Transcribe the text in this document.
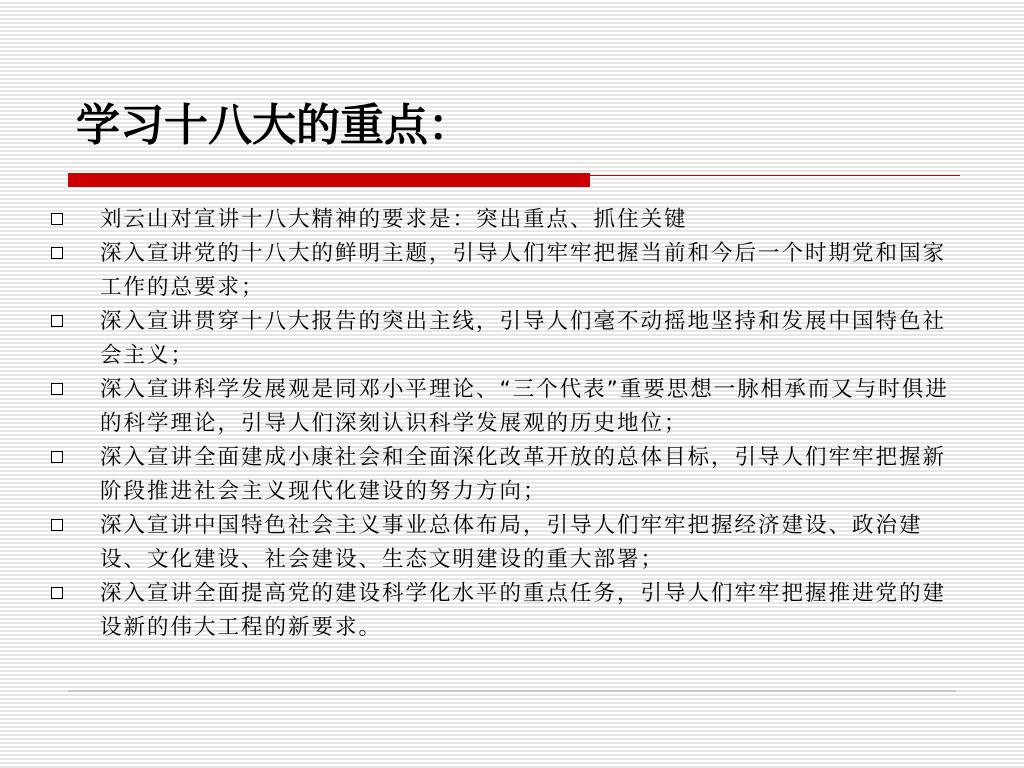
学习十八大的重点：
刘云山对宣讲十八大精神的要求是：突出重点、抓住关键
深入宣讲党的十八大的鲜明主题，引导人们牢牢把握当前和今后一个时期党和国家工作的总要求；
深入宣讲贯穿十八大报告的突出主线，引导人们毫不动摇地坚持和发展中国特色社会主义；
深入宣讲科学发展观是同邓小平理论、“三个代表”重要思想一脉相承而又与时俱进的科学理论，引导人们深刻认识科学发展观的历史地位；
深入宣讲全面建成小康社会和全面深化改革开放的总体目标，引导人们牢牢把握新阶段推进社会主义现代化建设的努力方向；
深入宣讲中国特色社会主义事业总体布局，引导人们牢牢把握经济建设、政治建设、文化建设、社会建设、生态文明建设的重大部署；
深入宣讲全面提高党的建设科学化水平的重点任务，引导人们牢牢把握推进党的建设新的伟大工程的新要求。
